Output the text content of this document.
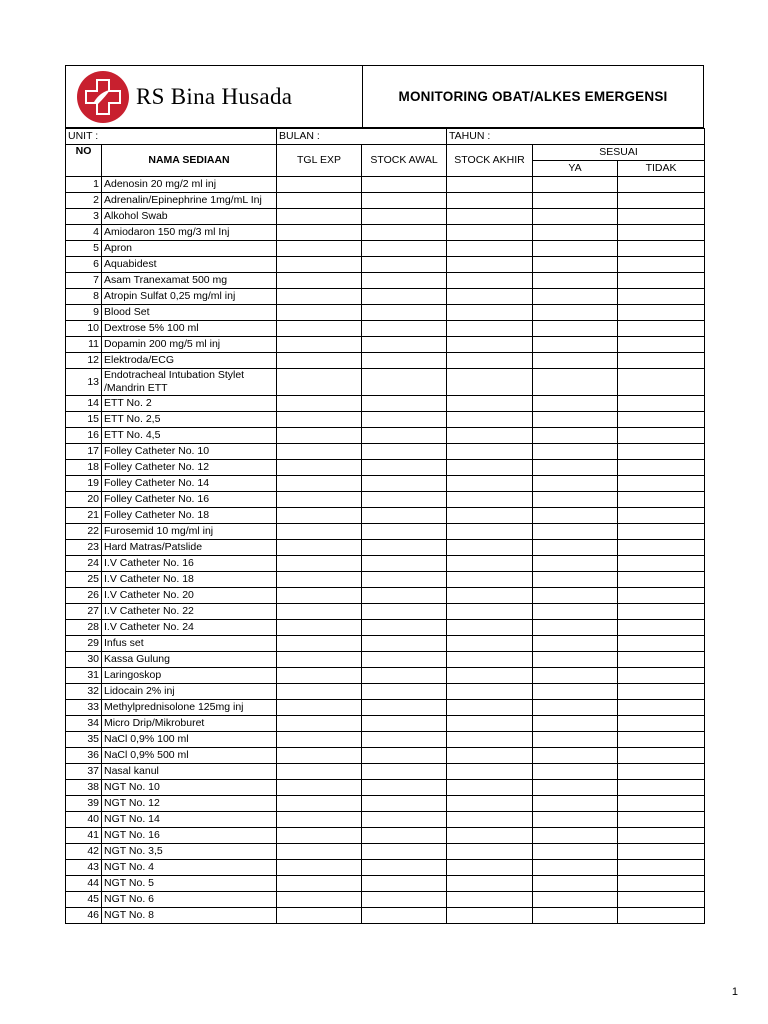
RS Bina Husada	MONITORING OBAT/ALKES EMERGENSI
UNIT :		BULAN :		TAHUN :		
NO	NAMA SEDIAAN	TGL EXP	STOCK AWAL	STOCK AKHIR	SESUAI	
					YA	TIDAK
1	Adenosin 20 mg/2 ml inj					
2	Adrenalin/Epinephrine 1mg/mL Inj					
3	Alkohol Swab					
4	Amiodaron 150 mg/3 ml Inj					
5	Apron					
6	Aquabidest					
7	Asam Tranexamat 500 mg					
8	Atropin Sulfat 0,25 mg/ml inj					
9	Blood Set					
10	Dextrose 5% 100 ml					
11	Dopamin 200 mg/5 ml inj					
12	Elektroda/ECG					
13	Endotracheal Intubation Stylet /Mandrin ETT					
14	ETT No. 2					
15	ETT No. 2,5					
16	ETT No. 4,5					
17	Folley Catheter No. 10					
18	Folley Catheter No. 12					
19	Folley Catheter No. 14					
20	Folley Catheter No. 16					
21	Folley Catheter No. 18					
22	Furosemid 10 mg/ml inj					
23	Hard Matras/Patslide					
24	I.V Catheter No. 16					
25	I.V Catheter No. 18					
26	I.V Catheter No. 20					
27	I.V Catheter No. 22					
28	I.V Catheter No. 24					
29	Infus set					
30	Kassa Gulung					
31	Laringoskop					
32	Lidocain 2% inj					
33	Methylprednisolone 125mg inj					
34	Micro Drip/Mikroburet					
35	NaCl 0,9% 100 ml					
36	NaCl 0,9% 500 ml					
37	Nasal kanul					
38	NGT No. 10					
39	NGT No. 12					
40	NGT No. 14					
41	NGT No. 16					
42	NGT No. 3,5					
43	NGT No. 4					
44	NGT No. 5					
45	NGT No. 6					
46	NGT No. 8					
1
